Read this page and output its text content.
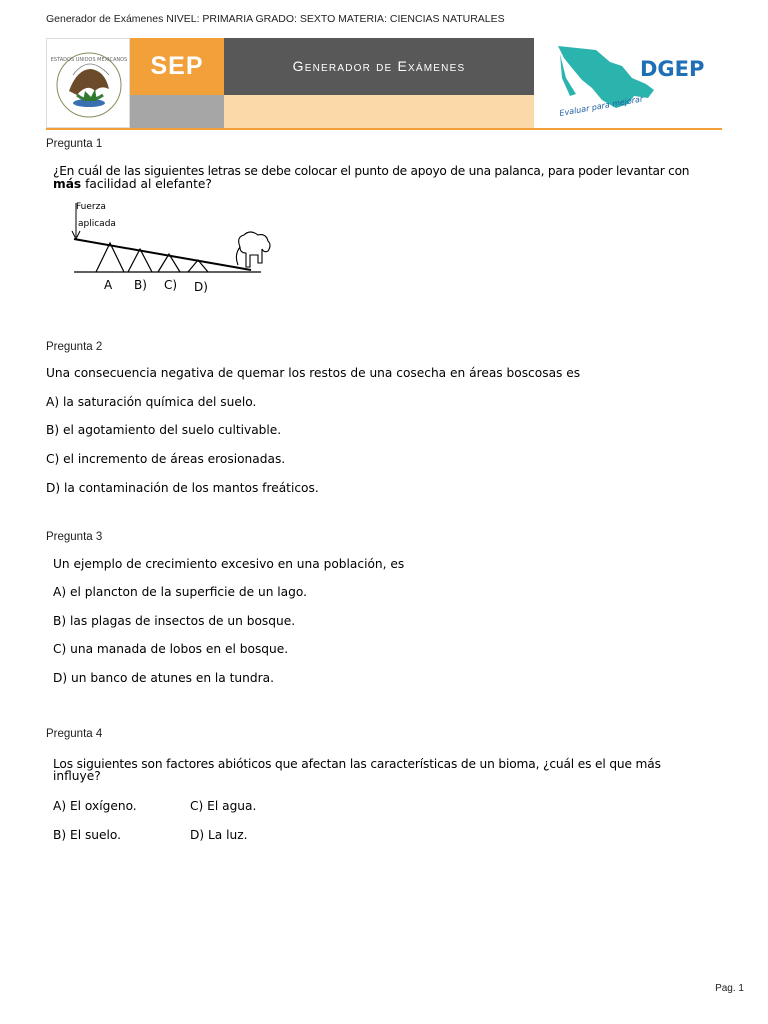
Generador de Exámenes NIVEL: PRIMARIA GRADO: SEXTO MATERIA: CIENCIAS NATURALES
ESTADOS UNIDOS MEXICANOS SEP	Generador de Exámenes	DGEP
Evaluar para mejorar
Pregunta 1
¿En cuál de las siguientes letras se debe colocar el punto de apoyo de una palanca, para poder levantar con
más facilidad al elefante?
Fuerza
aplicada
A B) C) D)
Pregunta 2
Una consecuencia negativa de quemar los restos de una cosecha en áreas boscosas es
A) la saturación química del suelo.
B) el agotamiento del suelo cultivable.
C) el incremento de áreas erosionadas.
D) la contaminación de los mantos freáticos.
Pregunta 3
Un ejemplo de crecimiento excesivo en una población, es
A) el plancton de la superficie de un lago.
B) las plagas de insectos de un bosque.
C) una manada de lobos en el bosque.
D) un banco de atunes en la tundra.
Pregunta 4
Los siguientes son factores abióticos que afectan las características de un bioma, ¿cuál es el que más
influye?
A) El oxígeno.	C) El agua.
B) El suelo.	D) La luz.
Pag. 1
